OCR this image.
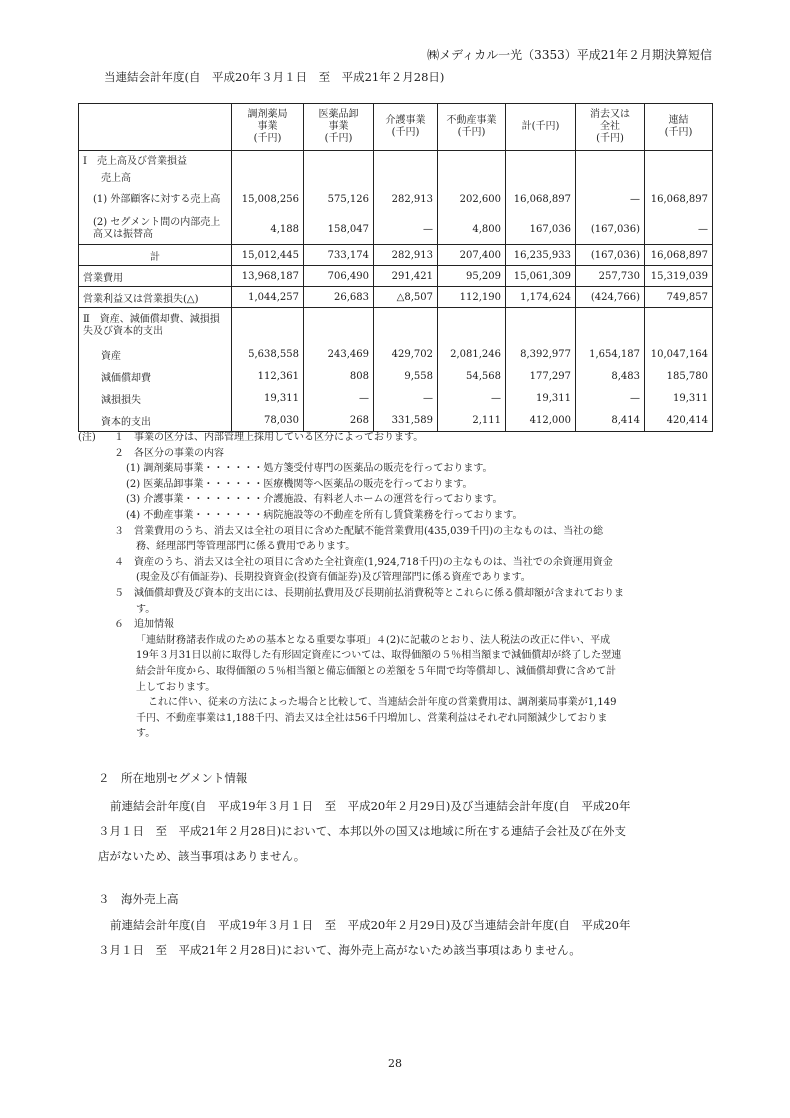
㈱メディカル一光（3353）平成21年２月期決算短信
当連結会計年度(自　平成20年３月１日　至　平成21年２月28日)
	調剤薬局
事業
(千円)	医薬品卸
事業
(千円)	介護事業
(千円)	不動産事業
(千円)	計(千円)	消去又は
全社
(千円)	連結
(千円)
Ⅰ　売上高及び営業損益							
売上高							
(1) 外部顧客に対する売上高	15,008,256	575,126	282,913	202,600	16,068,897	—	16,068,897
(2) セグメント間の内部売上高又は振替高	4,188	158,047	—	4,800	167,036	(167,036)	—
計	15,012,445	733,174	282,913	207,400	16,235,933	(167,036)	16,068,897
営業費用	13,968,187	706,490	291,421	95,209	15,061,309	257,730	15,319,039
営業利益又は営業損失(△)	1,044,257	26,683	△8,507	112,190	1,174,624	(424,766)	749,857
Ⅱ　資産、減価償却費、減損損失及び資本的支出							
資産	5,638,558	243,469	429,702	2,081,246	8,392,977	1,654,187	10,047,164
減価償却費	112,361	808	9,558	54,568	177,297	8,483	185,780
減損損失	19,311	—	—	—	19,311	—	19,311
資本的支出	78,030	268	331,589	2,111	412,000	8,414	420,414
(注) １　事業の区分は、内部管理上採用している区分によっております。
２　各区分の事業の内容
(1) 調剤薬局事業・・・・・・処方箋受付専門の医薬品の販売を行っております。
(2) 医薬品卸事業・・・・・・医療機関等へ医薬品の販売を行っております。
(3) 介護事業・・・・・・・・介護施設、有料老人ホームの運営を行っております。
(4) 不動産事業・・・・・・・病院施設等の不動産を所有し賃貸業務を行っております。
３　営業費用のうち、消去又は全社の項目に含めた配賦不能営業費用(435,039千円)の主なものは、当社の総
務、経理部門等管理部門に係る費用であります。
４　資産のうち、消去又は全社の項目に含めた全社資産(1,924,718千円)の主なものは、当社での余資運用資金
(現金及び有価証券)、長期投資資金(投資有価証券)及び管理部門に係る資産であります。
５　減価償却費及び資本的支出には、長期前払費用及び長期前払消費税等とこれらに係る償却額が含まれておりま
す。
６　追加情報
「連結財務諸表作成のための基本となる重要な事項」４(2)に記載のとおり、法人税法の改正に伴い、平成
19年３月31日以前に取得した有形固定資産については、取得価額の５％相当額まで減価償却が終了した翌連
結会計年度から、取得価額の５％相当額と備忘価額との差額を５年間で均等償却し、減価償却費に含めて計
上しております。
これに伴い、従来の方法によった場合と比較して、当連結会計年度の営業費用は、調剤薬局事業が1,149
千円、不動産事業は1,188千円、消去又は全社は56千円増加し、営業利益はそれぞれ同額減少しておりま
す。
２　所在地別セグメント情報
前連結会計年度(自　平成19年３月１日　至　平成20年２月29日)及び当連結会計年度(自　平成20年
３月１日　至　平成21年２月28日)において、本邦以外の国又は地域に所在する連結子会社及び在外支
店がないため、該当事項はありません。
３　海外売上高
前連結会計年度(自　平成19年３月１日　至　平成20年２月29日)及び当連結会計年度(自　平成20年
３月１日　至　平成21年２月28日)において、海外売上高がないため該当事項はありません。
28
